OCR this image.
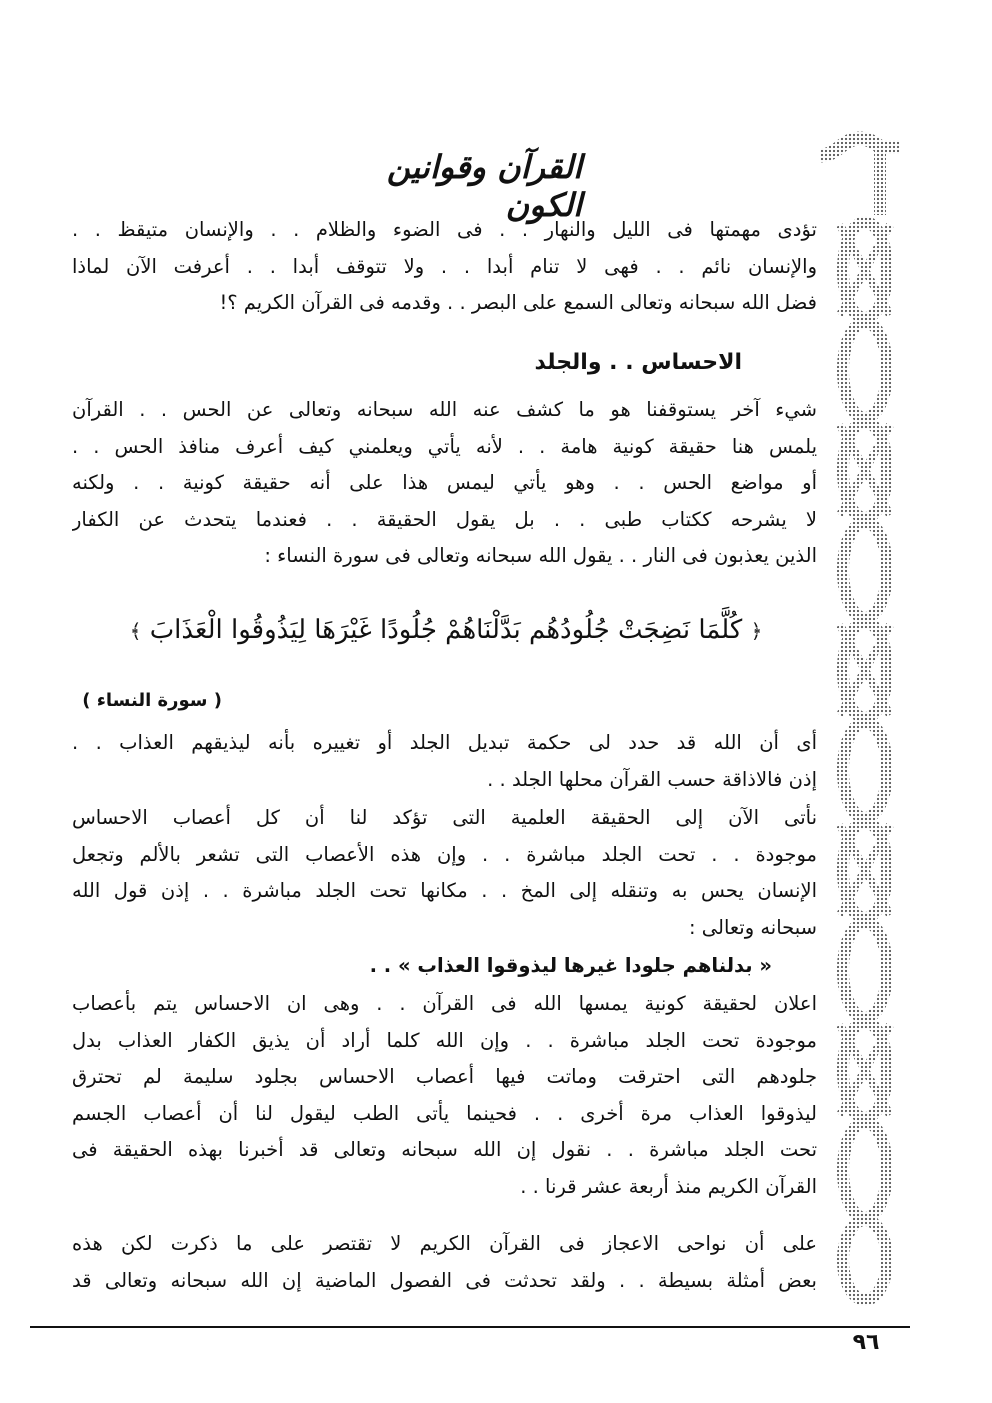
القرآن وقوانين الكون
تؤدى مهمتها فى الليل والنهار . . فى الضوء والظلام . . والإنسان متيقظ . .
والإنسان نائم . . فهى لا تنام أبدا . . ولا تتوقف أبدا . . أعرفت الآن لماذا
فضل الله سبحانه وتعالى السمع على البصر . . وقدمه فى القرآن الكريم ؟!
الاحساس . . والجلد
شيء آخر يستوقفنا هو ما كشف عنه الله سبحانه وتعالى عن الحس . . القرآن
يلمس هنا حقيقة كونية هامة . . لأنه يأتي ويعلمني كيف أعرف منافذ الحس . .
أو مواضع الحس . . وهو يأتي ليمس هذا على أنه حقيقة كونية . . ولكنه
لا يشرحه ككتاب طبى . . بل يقول الحقيقة . . فعندما يتحدث عن الكفار
الذين يعذبون فى النار . . يقول الله سبحانه وتعالى فى سورة النساء :
﴿ كُلَّمَا نَضِجَتْ جُلُودُهُم بَدَّلْنَاهُمْ جُلُودًا غَيْرَهَا لِيَذُوقُوا الْعَذَابَ ﴾
( سورة النساء )
أى أن الله قد حدد لى حكمة تبديل الجلد أو تغييره بأنه ليذيقهم العذاب . .
إذن فالاذاقة حسب القرآن محلها الجلد . .
نأتى الآن إلى الحقيقة العلمية التى تؤكد لنا أن كل أعصاب الاحساس
موجودة . . تحت الجلد مباشرة . . وإن هذه الأعصاب التى تشعر بالألم وتجعل
الإنسان يحس به وتنقله إلى المخ . . مكانها تحت الجلد مباشرة . . إذن قول الله
سبحانه وتعالى :
« بدلناهم جلودا غيرها ليذوقوا العذاب » . .
اعلان لحقيقة كونية يمسها الله فى القرآن . . وهى ان الاحساس يتم بأعصاب
موجودة تحت الجلد مباشرة . . وإن الله كلما أراد أن يذيق الكفار العذاب بدل
جلودهم التى احترقت وماتت فيها أعصاب الاحساس بجلود سليمة لم تحترق
ليذوقوا العذاب مرة أخرى . . فحينما يأتى الطب ليقول لنا أن أعصاب الجسم
تحت الجلد مباشرة . . نقول إن الله سبحانه وتعالى قد أخبرنا بهذه الحقيقة فى
القرآن الكريم منذ أربعة عشر قرنا . .
على أن نواحى الاعجاز فى القرآن الكريم لا تقتصر على ما ذكرت لكن هذه
بعض أمثلة بسيطة . . ولقد تحدثت فى الفصول الماضية إن الله سبحانه وتعالى قد
٩٦
